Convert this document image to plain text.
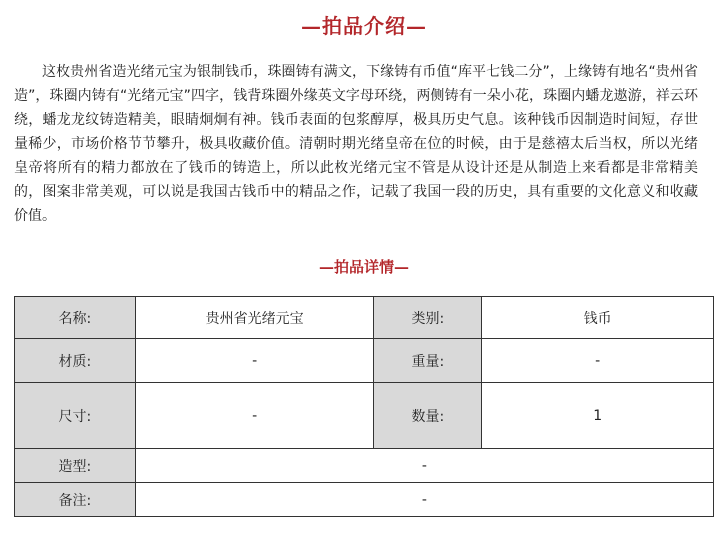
—拍品介绍—
这枚贵州省造光绪元宝为银制钱币，珠圈铸有满文，下缘铸有币值“库平七钱二分”，上缘铸有地名“贵州省造”，珠圈内铸有“光绪元宝”四字，钱背珠圈外缘英文字母环绕，两侧铸有一朵小花，珠圈内蟠龙遨游，祥云环绕，蟠龙龙纹铸造精美，眼睛炯炯有神。钱币表面的包浆醇厚，极具历史气息。该种钱币因制造时间短，存世量稀少，市场价格节节攀升，极具收藏价值。清朝时期光绪皇帝在位的时候，由于是慈禧太后当权，所以光绪皇帝将所有的精力都放在了钱币的铸造上，所以此枚光绪元宝不管是从设计还是从制造上来看都是非常精美的，图案非常美观，可以说是我国古钱币中的精品之作，记载了我国一段的历史，具有重要的文化意义和收藏价值。
—拍品详情—
名称:	贵州省光绪元宝	类别:	钱币
材质:	-	重量:	-
尺寸:	-	数量:	1
造型:	-		
备注:	-		
